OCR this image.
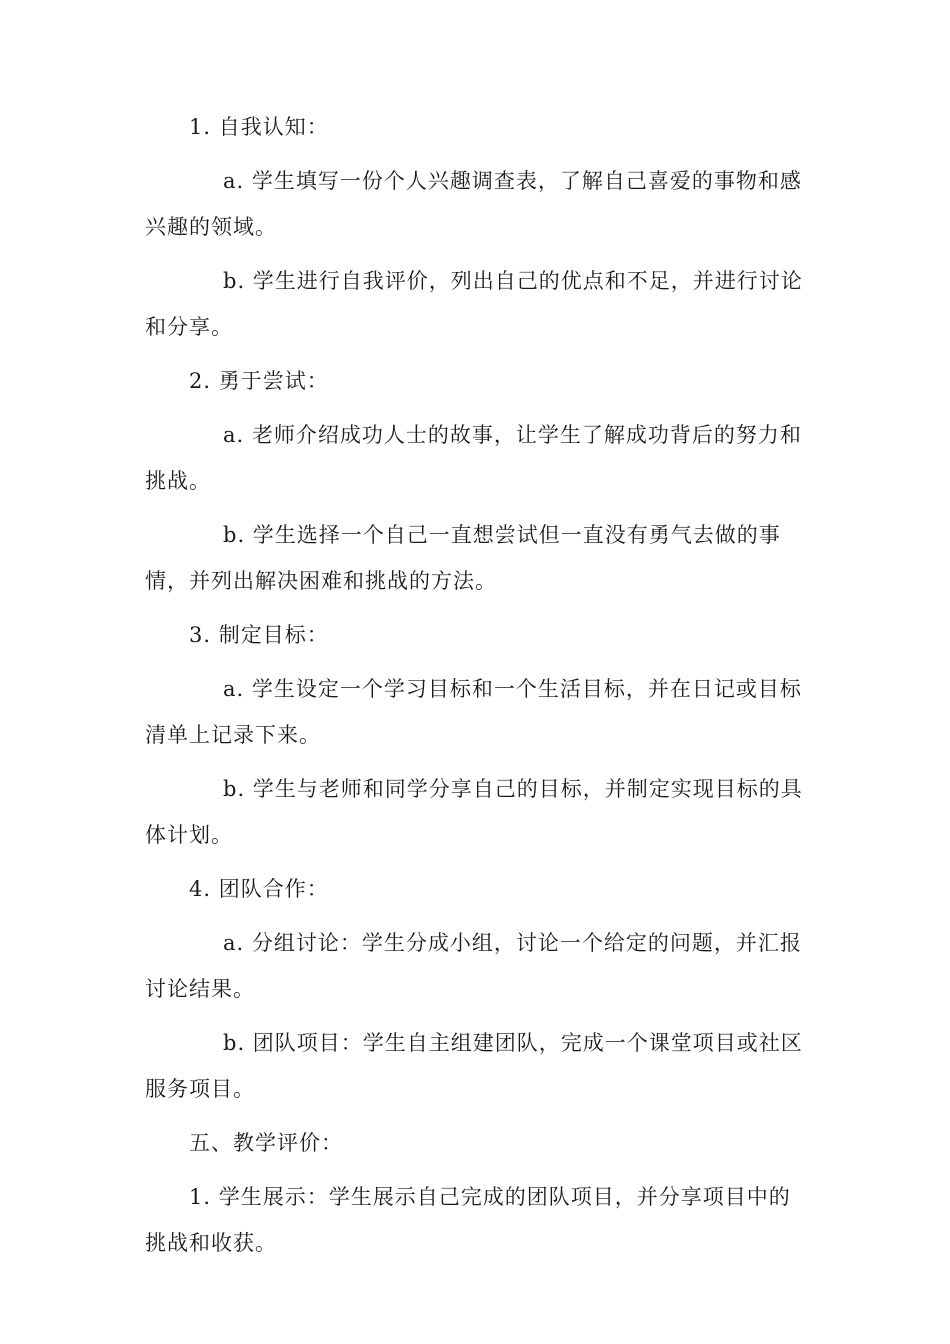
1. 自我认知：

a. 学生填写一份个人兴趣调查表，了解自己喜爱的事物和感兴趣的领域。

b. 学生进行自我评价，列出自己的优点和不足，并进行讨论和分享。

2. 勇于尝试：

a. 老师介绍成功人士的故事，让学生了解成功背后的努力和挑战。

b. 学生选择一个自己一直想尝试但一直没有勇气去做的事情，并列出解决困难和挑战的方法。

3. 制定目标：

a. 学生设定一个学习目标和一个生活目标，并在日记或目标清单上记录下来。

b. 学生与老师和同学分享自己的目标，并制定实现目标的具体计划。

4. 团队合作：

a. 分组讨论：学生分成小组，讨论一个给定的问题，并汇报讨论结果。

b. 团队项目：学生自主组建团队，完成一个课堂项目或社区服务项目。

五、教学评价：

1. 学生展示：学生展示自己完成的团队项目，并分享项目中的挑战和收获。
